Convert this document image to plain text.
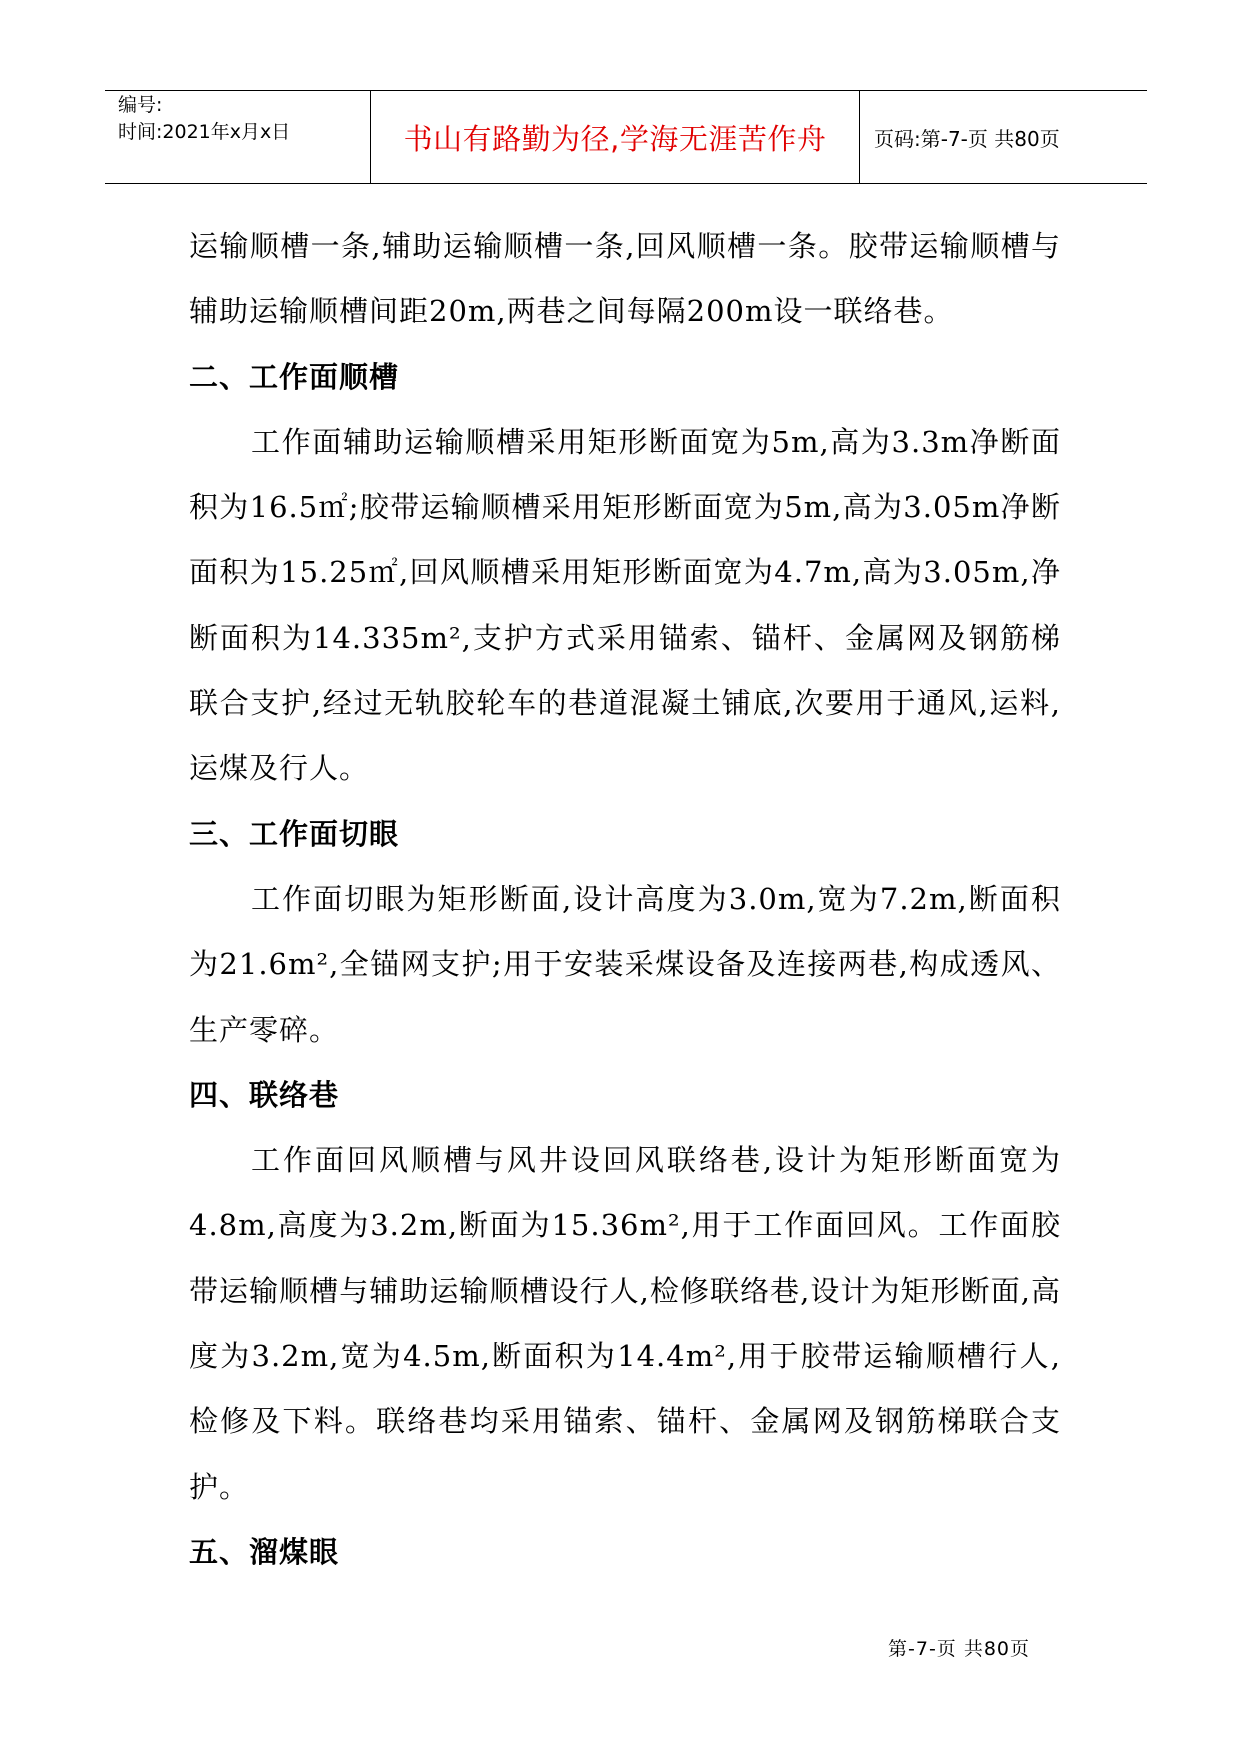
编号:
时间:2021年x月x日	书山有路勤为径,学海无涯苦作舟	页码:第-7-页 共80页

运输顺槽一条,辅助运输顺槽一条,回风顺槽一条。胶带运输顺槽与辅助运输顺槽间距20m,两巷之间每隔200m设一联络巷。

二、工作面顺槽

工作面辅助运输顺槽采用矩形断面宽为5m,高为3.3m净断面积为16.5㎡;胶带运输顺槽采用矩形断面宽为5m,高为3.05m净断面积为15.25㎡,回风顺槽采用矩形断面宽为4.7m,高为3.05m,净断面积为14.335m²,支护方式采用锚索、锚杆、金属网及钢筋梯联合支护,经过无轨胶轮车的巷道混凝土铺底,次要用于通风,运料,运煤及行人。

三、工作面切眼

工作面切眼为矩形断面,设计高度为3.0m,宽为7.2m,断面积为21.6m²,全锚网支护;用于安装采煤设备及连接两巷,构成透风、生产零碎。

四、联络巷

工作面回风顺槽与风井设回风联络巷,设计为矩形断面宽为4.8m,高度为3.2m,断面为15.36m²,用于工作面回风。工作面胶带运输顺槽与辅助运输顺槽设行人,检修联络巷,设计为矩形断面,高度为3.2m,宽为4.5m,断面积为14.4m²,用于胶带运输顺槽行人,检修及下料。联络巷均采用锚索、锚杆、金属网及钢筋梯联合支护。

五、溜煤眼

第-7-页 共80页
